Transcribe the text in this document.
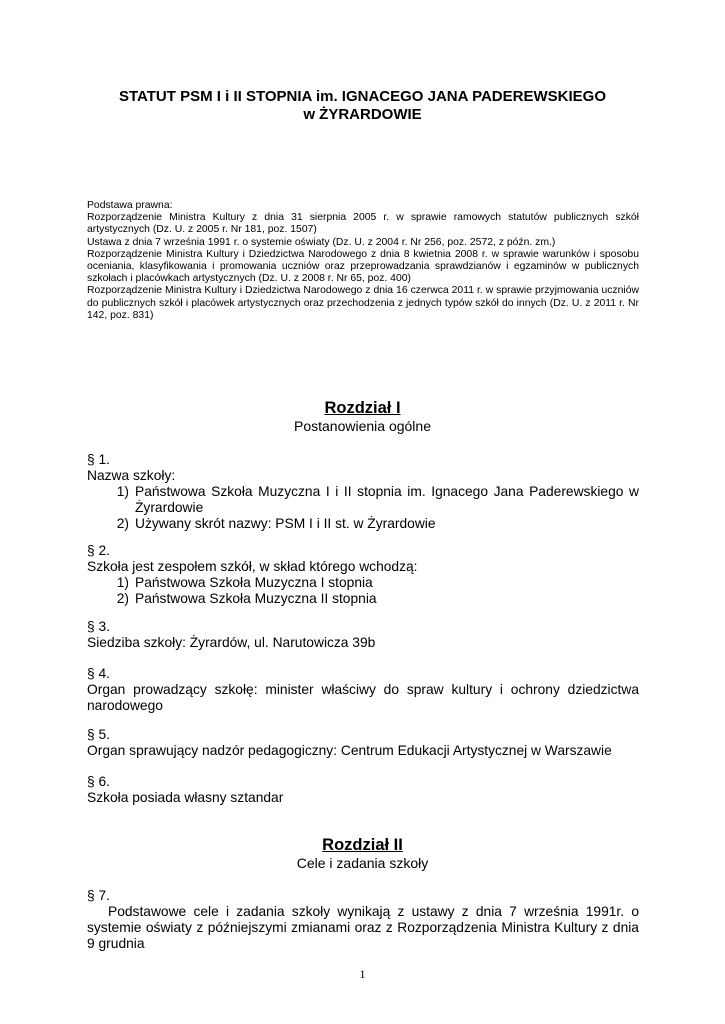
STATUT PSM I i II STOPNIA im. IGNACEGO JANA PADEREWSKIEGO
w ŻYRARDOWIE

Podstawa prawna:

Rozporządzenie Ministra Kultury z dnia 31 sierpnia 2005 r. w sprawie ramowych statutów publicznych szkół artystycznych (Dz. U. z 2005 r. Nr 181, poz. 1507)

Ustawa z dnia 7 września 1991 r. o systemie oświaty (Dz. U. z 2004 r. Nr 256, poz. 2572, z późn. zm.)

Rozporządzenie Ministra Kultury i Dziedzictwa Narodowego z dnia 8 kwietnia 2008 r. w sprawie warunków i sposobu oceniania, klasyfikowania i promowania uczniów oraz przeprowadzania sprawdzianów i egzaminów w publicznych szkołach i placówkach artystycznych (Dz. U. z 2008 r. Nr 65, poz. 400)

Rozporządzenie Ministra Kultury i Dziedzictwa Narodowego z dnia 16 czerwca 2011 r. w sprawie przyjmowania uczniów do publicznych szkół i placówek artystycznych oraz przechodzenia z jednych typów szkół do innych (Dz. U. z 2011 r. Nr 142, poz. 831)

Rozdział I
Postanowienia ogólne
§ 1.
Nazwa szkoły:
1) Państwowa Szkoła Muzyczna I i II stopnia im. Ignacego Jana Paderewskiego w Żyrardowie
2) Używany skrót nazwy: PSM I i II st. w Żyrardowie
§ 2.
Szkoła jest zespołem szkół, w skład którego wchodzą:
1) Państwowa Szkoła Muzyczna I stopnia
2) Państwowa Szkoła Muzyczna II stopnia
§ 3.
Siedziba szkoły: Żyrardów, ul. Narutowicza 39b
§ 4.
Organ prowadzący szkołę: minister właściwy do spraw kultury i ochrony dziedzictwa narodowego
§ 5.
Organ sprawujący nadzór pedagogiczny: Centrum Edukacji Artystycznej w Warszawie
§ 6.
Szkoła posiada własny sztandar
Rozdział II
Cele i zadania szkoły
§ 7.
Podstawowe cele i zadania szkoły wynikają z ustawy z dnia 7 września 1991r. o systemie oświaty z późniejszymi zmianami oraz z Rozporządzenia Ministra Kultury z dnia 9 grudnia
1
